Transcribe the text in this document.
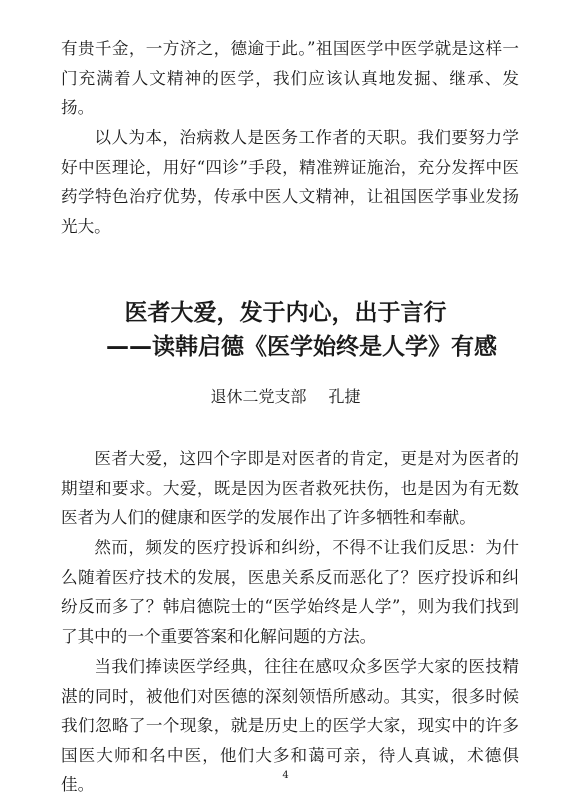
有贵千金，一方济之，德逾于此。”祖国医学中医学就是这样一门充满着人文精神的医学，我们应该认真地发掘、继承、发扬。

以人为本，治病救人是医务工作者的天职。我们要努力学好中医理论，用好“四诊”手段，精准辨证施治，充分发挥中医药学特色治疗优势，传承中医人文精神，让祖国医学事业发扬光大。

医者大爱，发于内心，出于言行
——读韩启德《医学始终是人学》有感
退休二党支部 孔捷

医者大爱，这四个字即是对医者的肯定，更是对为医者的期望和要求。大爱，既是因为医者救死扶伤，也是因为有无数医者为人们的健康和医学的发展作出了许多牺牲和奉献。

然而，频发的医疗投诉和纠纷，不得不让我们反思：为什么随着医疗技术的发展，医患关系反而恶化了？医疗投诉和纠纷反而多了？韩启德院士的“医学始终是人学”，则为我们找到了其中的一个重要答案和化解问题的方法。

当我们捧读医学经典，往往在感叹众多医学大家的医技精湛的同时，被他们对医德的深刻领悟所感动。其实，很多时候我们忽略了一个现象，就是历史上的医学大家，现实中的许多国医大师和名中医，他们大多和蔼可亲，待人真诚，术德俱佳。	4
